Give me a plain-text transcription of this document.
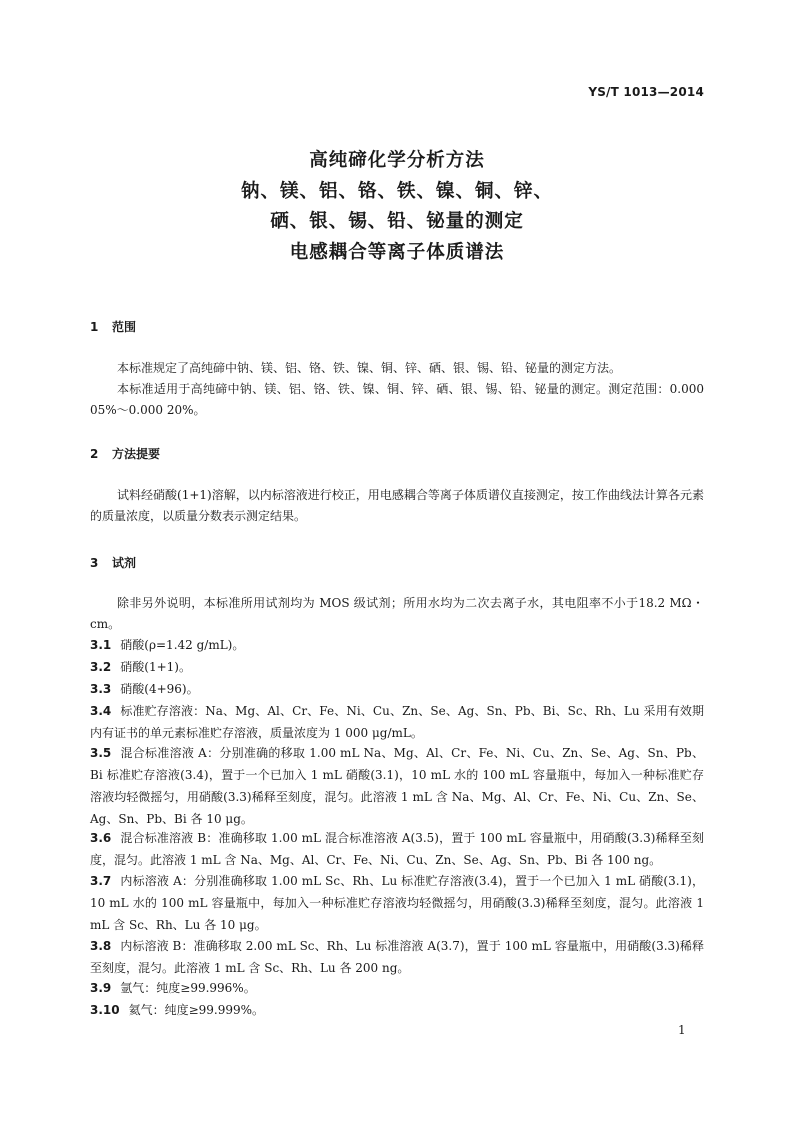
YS/T 1013—2014
高纯碲化学分析方法
钠、镁、铝、铬、铁、镍、铜、锌、
硒、银、锡、铅、铋量的测定
电感耦合等离子体质谱法
1 范围
本标准规定了高纯碲中钠、镁、铝、铬、铁、镍、铜、锌、硒、银、锡、铅、铋量的测定方法。
本标准适用于高纯碲中钠、镁、铝、铬、铁、镍、铜、锌、硒、银、锡、铅、铋量的测定。测定范围：0.000 05%～0.000 20%。
2 方法提要
试料经硝酸(1+1)溶解，以内标溶液进行校正，用电感耦合等离子体质谱仪直接测定，按工作曲线法计算各元素的质量浓度，以质量分数表示测定结果。
3 试剂
除非另外说明，本标准所用试剂均为 MOS 级试剂；所用水均为二次去离子水，其电阻率不小于18.2 MΩ・cm。
3.1 硝酸(ρ=1.42 g/mL)。
3.2 硝酸(1+1)。
3.3 硝酸(4+96)。
3.4 标准贮存溶液：Na、Mg、Al、Cr、Fe、Ni、Cu、Zn、Se、Ag、Sn、Pb、Bi、Sc、Rh、Lu 采用有效期内有证书的单元素标准贮存溶液，质量浓度为 1 000 μg/mL。
3.5 混合标准溶液 A：分别准确的移取 1.00 mL Na、Mg、Al、Cr、Fe、Ni、Cu、Zn、Se、Ag、Sn、Pb、Bi 标准贮存溶液(3.4)，置于一个已加入 1 mL 硝酸(3.1)，10 mL 水的 100 mL 容量瓶中，每加入一种标准贮存溶液均轻微摇匀，用硝酸(3.3)稀释至刻度，混匀。此溶液 1 mL 含 Na、Mg、Al、Cr、Fe、Ni、Cu、Zn、Se、Ag、Sn、Pb、Bi 各 10 μg。
3.6 混合标准溶液 B：准确移取 1.00 mL 混合标准溶液 A(3.5)，置于 100 mL 容量瓶中，用硝酸(3.3)稀释至刻度，混匀。此溶液 1 mL 含 Na、Mg、Al、Cr、Fe、Ni、Cu、Zn、Se、Ag、Sn、Pb、Bi 各 100 ng。
3.7 内标溶液 A：分别准确移取 1.00 mL Sc、Rh、Lu 标准贮存溶液(3.4)，置于一个已加入 1 mL 硝酸(3.1)，10 mL 水的 100 mL 容量瓶中，每加入一种标准贮存溶液均轻微摇匀，用硝酸(3.3)稀释至刻度，混匀。此溶液 1 mL 含 Sc、Rh、Lu 各 10 μg。
3.8 内标溶液 B：准确移取 2.00 mL Sc、Rh、Lu 标准溶液 A(3.7)，置于 100 mL 容量瓶中，用硝酸(3.3)稀释至刻度，混匀。此溶液 1 mL 含 Sc、Rh、Lu 各 200 ng。
3.9 氩气：纯度≥99.996%。
3.10 氦气：纯度≥99.999%。
1
